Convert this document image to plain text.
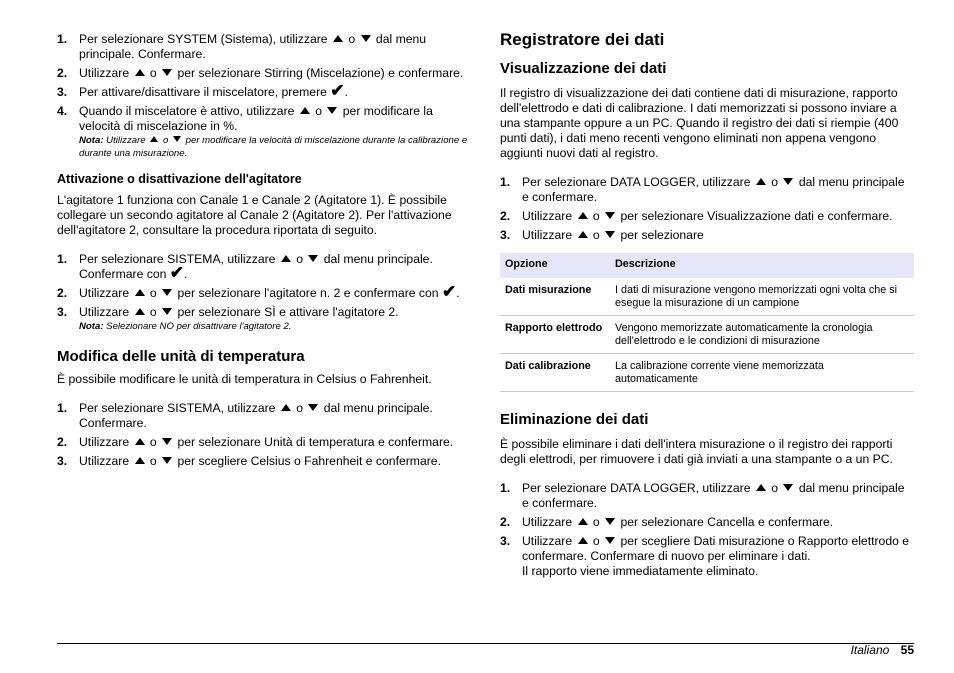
1. Per selezionare SYSTEM (Sistema), utilizzare  o  dal menu principale. Confermare.
2. Utilizzare  o  per selezionare Stirring (Miscelazione) e confermare.
3. Per attivare/disattivare il miscelatore, premere ✔.
4. Quando il miscelatore è attivo, utilizzare  o  per modificare la velocità di miscelazione in %.
Nota: Utilizzare  o  per modificare la velocità di miscelazione durante la calibrazione e durante una misurazione.
Attivazione o disattivazione dell'agitatore

L'agitatore 1 funziona con Canale 1 e Canale 2 (Agitatore 1). È possibile collegare un secondo agitatore al Canale 2 (Agitatore 2). Per l'attivazione dell'agitatore 2, consultare la procedura riportata di seguito.

1. Per selezionare SISTEMA, utilizzare  o  dal menu principale. Confermare con ✔.
2. Utilizzare  o  per selezionare l'agitatore n. 2 e confermare con ✔.
3. Utilizzare  o  per selezionare SÌ e attivare l'agitatore 2.
Nota: Selezionare NO per disattivare l'agitatore 2.
Modifica delle unità di temperatura

È possibile modificare le unità di temperatura in Celsius o Fahrenheit.

1. Per selezionare SISTEMA, utilizzare  o  dal menu principale. Confermare.
2. Utilizzare  o  per selezionare Unità di temperatura e confermare.
3. Utilizzare  o  per scegliere Celsius o Fahrenheit e confermare.
Registratore dei dati
Visualizzazione dei dati

Il registro di visualizzazione dei dati contiene dati di misurazione, rapporto dell'elettrodo e dati di calibrazione. I dati memorizzati si possono inviare a una stampante oppure a un PC. Quando il registro dei dati si riempie (400 punti dati), i dati meno recenti vengono eliminati non appena vengono aggiunti nuovi dati al registro.

1. Per selezionare DATA LOGGER, utilizzare  o  dal menu principale e confermare.
2. Utilizzare  o  per selezionare Visualizzazione dati e confermare.
3. Utilizzare  o  per selezionare
Opzione	Descrizione
Dati misurazione	I dati di misurazione vengono memorizzati ogni volta che si esegue la misurazione di un campione
Rapporto elettrodo	Vengono memorizzate automaticamente la cronologia dell'elettrodo e le condizioni di misurazione
Dati calibrazione	La calibrazione corrente viene memorizzata automaticamente
Eliminazione dei dati

È possibile eliminare i dati dell'intera misurazione o il registro dei rapporti degli elettrodi, per rimuovere i dati già inviati a una stampante o a un PC.

1. Per selezionare DATA LOGGER, utilizzare  o  dal menu principale e confermare.
2. Utilizzare  o  per selezionare Cancella e confermare.
3. Utilizzare  o  per scegliere Dati misurazione o Rapporto elettrodo e confermare. Confermare di nuovo per eliminare i dati.
Il rapporto viene immediatamente eliminato.
Italiano 55
